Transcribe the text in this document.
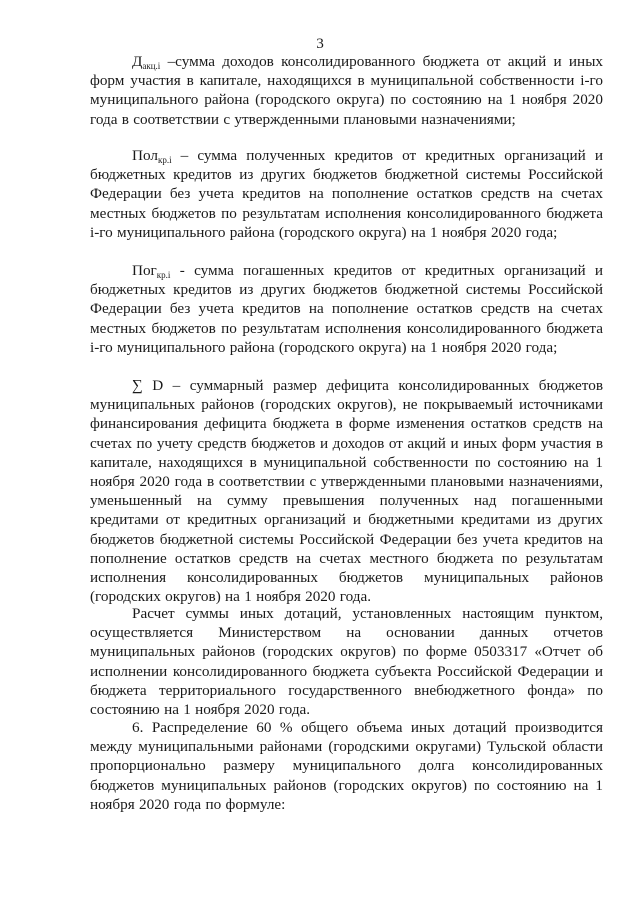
3

$Д_{акц.i}$ –сумма доходов консолидированного бюджета от акций и иных форм участия в капитале, находящихся в муниципальной собственности i-го муниципального района (городского округа) по состоянию на 1 ноября 2020 года в соответствии с утвержденными плановыми назначениями;

Пол$_{кр.i}$ – сумма полученных кредитов от кредитных организаций и бюджетных кредитов из других бюджетов бюджетной системы Российской Федерации без учета кредитов на пополнение остатков средств на счетах местных бюджетов по результатам исполнения консолидированного бюджета i-го муниципального района (городского округа) на 1 ноября 2020 года;

Пог$_{кр.i}$ - сумма погашенных кредитов от кредитных организаций и бюджетных кредитов из других бюджетов бюджетной системы Российской Федерации без учета кредитов на пополнение остатков средств на счетах местных бюджетов по результатам исполнения консолидированного бюджета i-го муниципального района (городского округа) на 1 ноября 2020 года;

∑ D – суммарный размер дефицита консолидированных бюджетов муниципальных районов (городских округов), не покрываемый источниками финансирования дефицита бюджета в форме изменения остатков средств на счетах по учету средств бюджетов и доходов от акций и иных форм участия в капитале, находящихся в муниципальной собственности по состоянию на 1 ноября 2020 года в соответствии с утвержденными плановыми назначениями, уменьшенный на сумму превышения полученных над погашенными кредитами от кредитных организаций и бюджетными кредитами из других бюджетов бюджетной системы Российской Федерации без учета кредитов на пополнение остатков средств на счетах местного бюджета по результатам исполнения консолидированных бюджетов муниципальных районов (городских округов) на 1 ноября 2020 года.

Расчет суммы иных дотаций, установленных настоящим пунктом, осуществляется Министерством на основании данных отчетов муниципальных районов (городских округов) по форме 0503317 «Отчет об исполнении консолидированного бюджета субъекта Российской Федерации и бюджета территориального государственного внебюджетного фонда» по состоянию на 1 ноября 2020 года.

6. Распределение 60 % общего объема иных дотаций производится между муниципальными районами (городскими округами) Тульской области пропорционально размеру муниципального долга консолидированных бюджетов муниципальных районов (городских округов) по состоянию на 1 ноября 2020 года по формуле:
